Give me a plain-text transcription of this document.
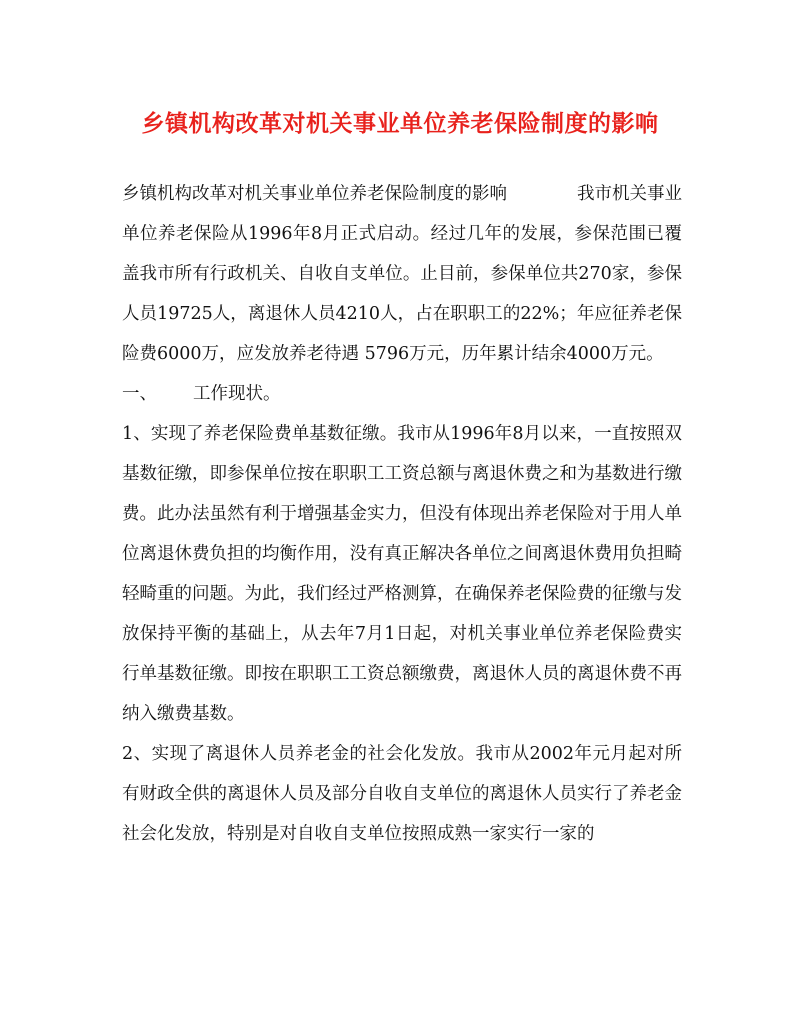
乡镇机构改革对机关事业单位养老保险制度的影响

乡镇机构改革对机关事业单位养老保险制度的影响	我市机关事业单位养老保险从1996年8月正式启动。经过几年的发展，参保范围已覆盖我市所有行政机关、自收自支单位。止目前，参保单位共270家，参保人员19725人，离退休人员4210人，占在职职工的22%；年应征养老保险费6000万，应发放养老待遇 5796万元，历年累计结余4000万元。

一、 工作现状。

1、实现了养老保险费单基数征缴。我市从1996年8月以来，一直按照双基数征缴，即参保单位按在职职工工资总额与离退休费之和为基数进行缴费。此办法虽然有利于增强基金实力，但没有体现出养老保险对于用人单位离退休费负担的均衡作用，没有真正解决各单位之间离退休费用负担畸轻畸重的问题。为此，我们经过严格测算，在确保养老保险费的征缴与发放保持平衡的基础上，从去年7月1日起，对机关事业单位养老保险费实行单基数征缴。即按在职职工工资总额缴费，离退休人员的离退休费不再纳入缴费基数。

2、实现了离退休人员养老金的社会化发放。我市从2002年元月起对所有财政全供的离退休人员及部分自收自支单位的离退休人员实行了养老金社会化发放，特别是对自收自支单位按照成熟一家实行一家的
